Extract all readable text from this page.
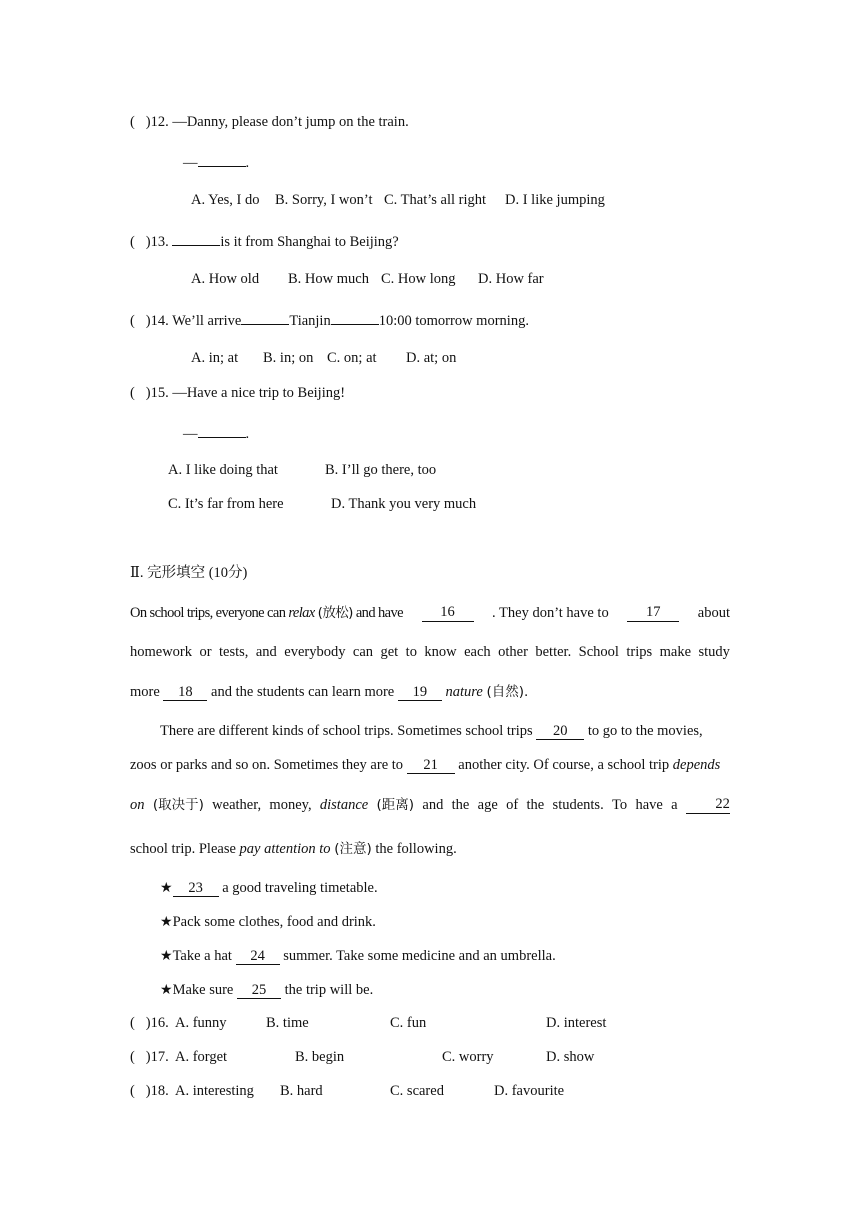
( )12. —Danny, please don’t jump on the train.
—	.
A. Yes, I do B. Sorry, I won’t C. That’s all right D. I like jumping
( )13.	is it from Shanghai to Beijing?
A. How old B. How much C. How long D. How far
( )14. We’ll arrive	Tianjin	10:00 tomorrow morning.
A. in; at B. in; on C. on; at D. at; on
( )15. —Have a nice trip to Beijing!
—	.
A. I like doing that	B. I’ll go there, too
C. It’s far from here	D. Thank you very much
Ⅱ. 完形填空 (10分)
On school trips, everyone can relax (放松) and have	16	. They don’t have to	17	about
homework or tests, and everybody can get to know each other better. School trips make study
more 18 and the students can learn more 19 nature (自然).
There are different kinds of school trips. Sometimes school trips 20 to go to the movies,
zoos or parks and so on. Sometimes they are to 21 another city. Of course, a school trip depends
on (取决于) weather, money, distance (距离) and the age of the students. To have a	22
school trip. Please pay attention to (注意) the following.
★ 23 a good traveling timetable.
★Pack some clothes, food and drink.
★Take a hat 24 summer. Take some medicine and an umbrella.
★Make sure 25 the trip will be.
( )16. A. funny	B. time	C. fun	D. interest
( )17. A. forget	B. begin	C. worry	D. show
( )18. A. interesting B. hard	C. scared	D. favourite
